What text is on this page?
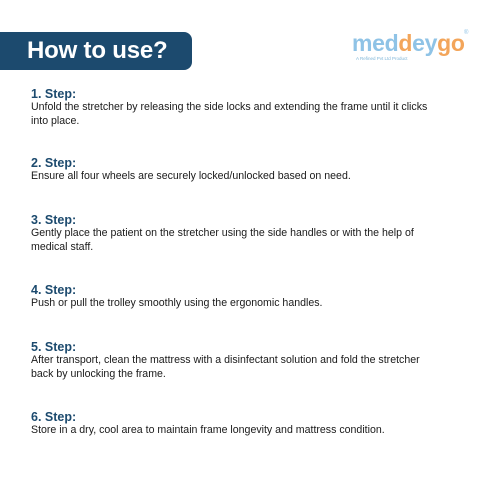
How to use?	meddeygo ®
A Refined Pvt Ltd Product
1. Step:
Unfold the stretcher by releasing the side locks and extending the frame until it clicks into place.
2. Step:
Ensure all four wheels are securely locked/unlocked based on need.
3. Step:
Gently place the patient on the stretcher using the side handles or with the help of medical staff.
4. Step:
Push or pull the trolley smoothly using the ergonomic handles.
5. Step:
After transport, clean the mattress with a disinfectant solution and fold the stretcher back by unlocking the frame.
6. Step:
Store in a dry, cool area to maintain frame longevity and mattress condition.
